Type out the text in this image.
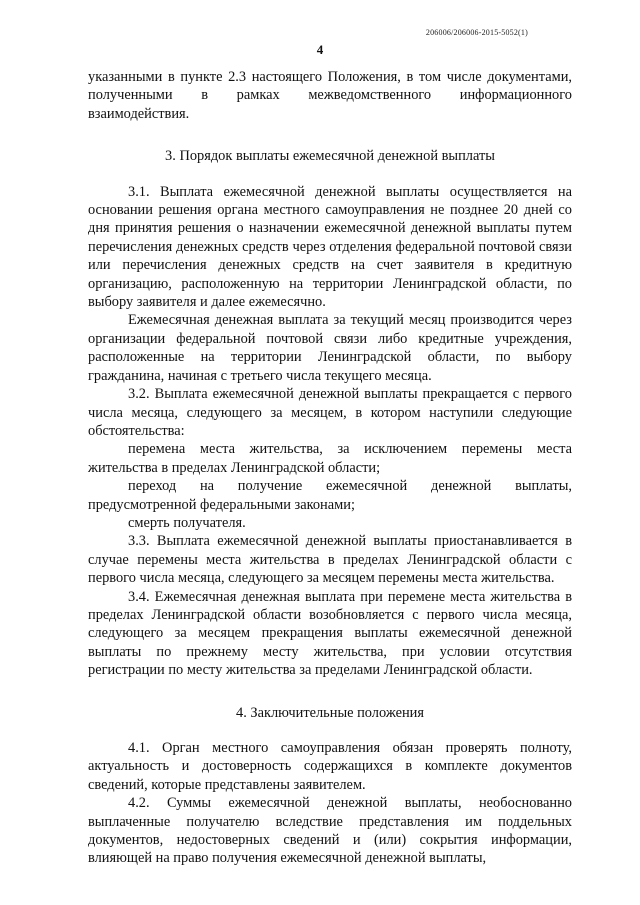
206006/206006-2015-5052(1)
4

указанными в пункте 2.3 настоящего Положения, в том числе документами, полученными в рамках межведомственного информационного взаимодействия.

3. Порядок выплаты ежемесячной денежной выплаты

3.1. Выплата ежемесячной денежной выплаты осуществляется на основании решения органа местного самоуправления не позднее 20 дней со дня принятия решения о назначении ежемесячной денежной выплаты путем перечисления денежных средств через отделения федеральной почтовой связи или перечисления денежных средств на счет заявителя в кредитную организацию, расположенную на территории Ленинградской области, по выбору заявителя и далее ежемесячно.

Ежемесячная денежная выплата за текущий месяц производится через организации федеральной почтовой связи либо кредитные учреждения, расположенные на территории Ленинградской области, по выбору гражданина, начиная с третьего числа текущего месяца.

3.2. Выплата ежемесячной денежной выплаты прекращается с первого числа месяца, следующего за месяцем, в котором наступили следующие обстоятельства:

перемена места жительства, за исключением перемены места жительства в пределах Ленинградской области;

переход на получение ежемесячной денежной выплаты, предусмотренной федеральными законами;

смерть получателя.

3.3. Выплата ежемесячной денежной выплаты приостанавливается в случае перемены места жительства в пределах Ленинградской области с первого числа месяца, следующего за месяцем перемены места жительства.

3.4. Ежемесячная денежная выплата при перемене места жительства в пределах Ленинградской области возобновляется с первого числа месяца, следующего за месяцем прекращения выплаты ежемесячной денежной выплаты по прежнему месту жительства, при условии отсутствия регистрации по месту жительства за пределами Ленинградской области.

4. Заключительные положения

4.1. Орган местного самоуправления обязан проверять полноту, актуальность и достоверность содержащихся в комплекте документов сведений, которые представлены заявителем.

4.2. Суммы ежемесячной денежной выплаты, необоснованно выплаченные получателю вследствие представления им поддельных документов, недостоверных сведений и (или) сокрытия информации, влияющей на право получения ежемесячной денежной выплаты,
